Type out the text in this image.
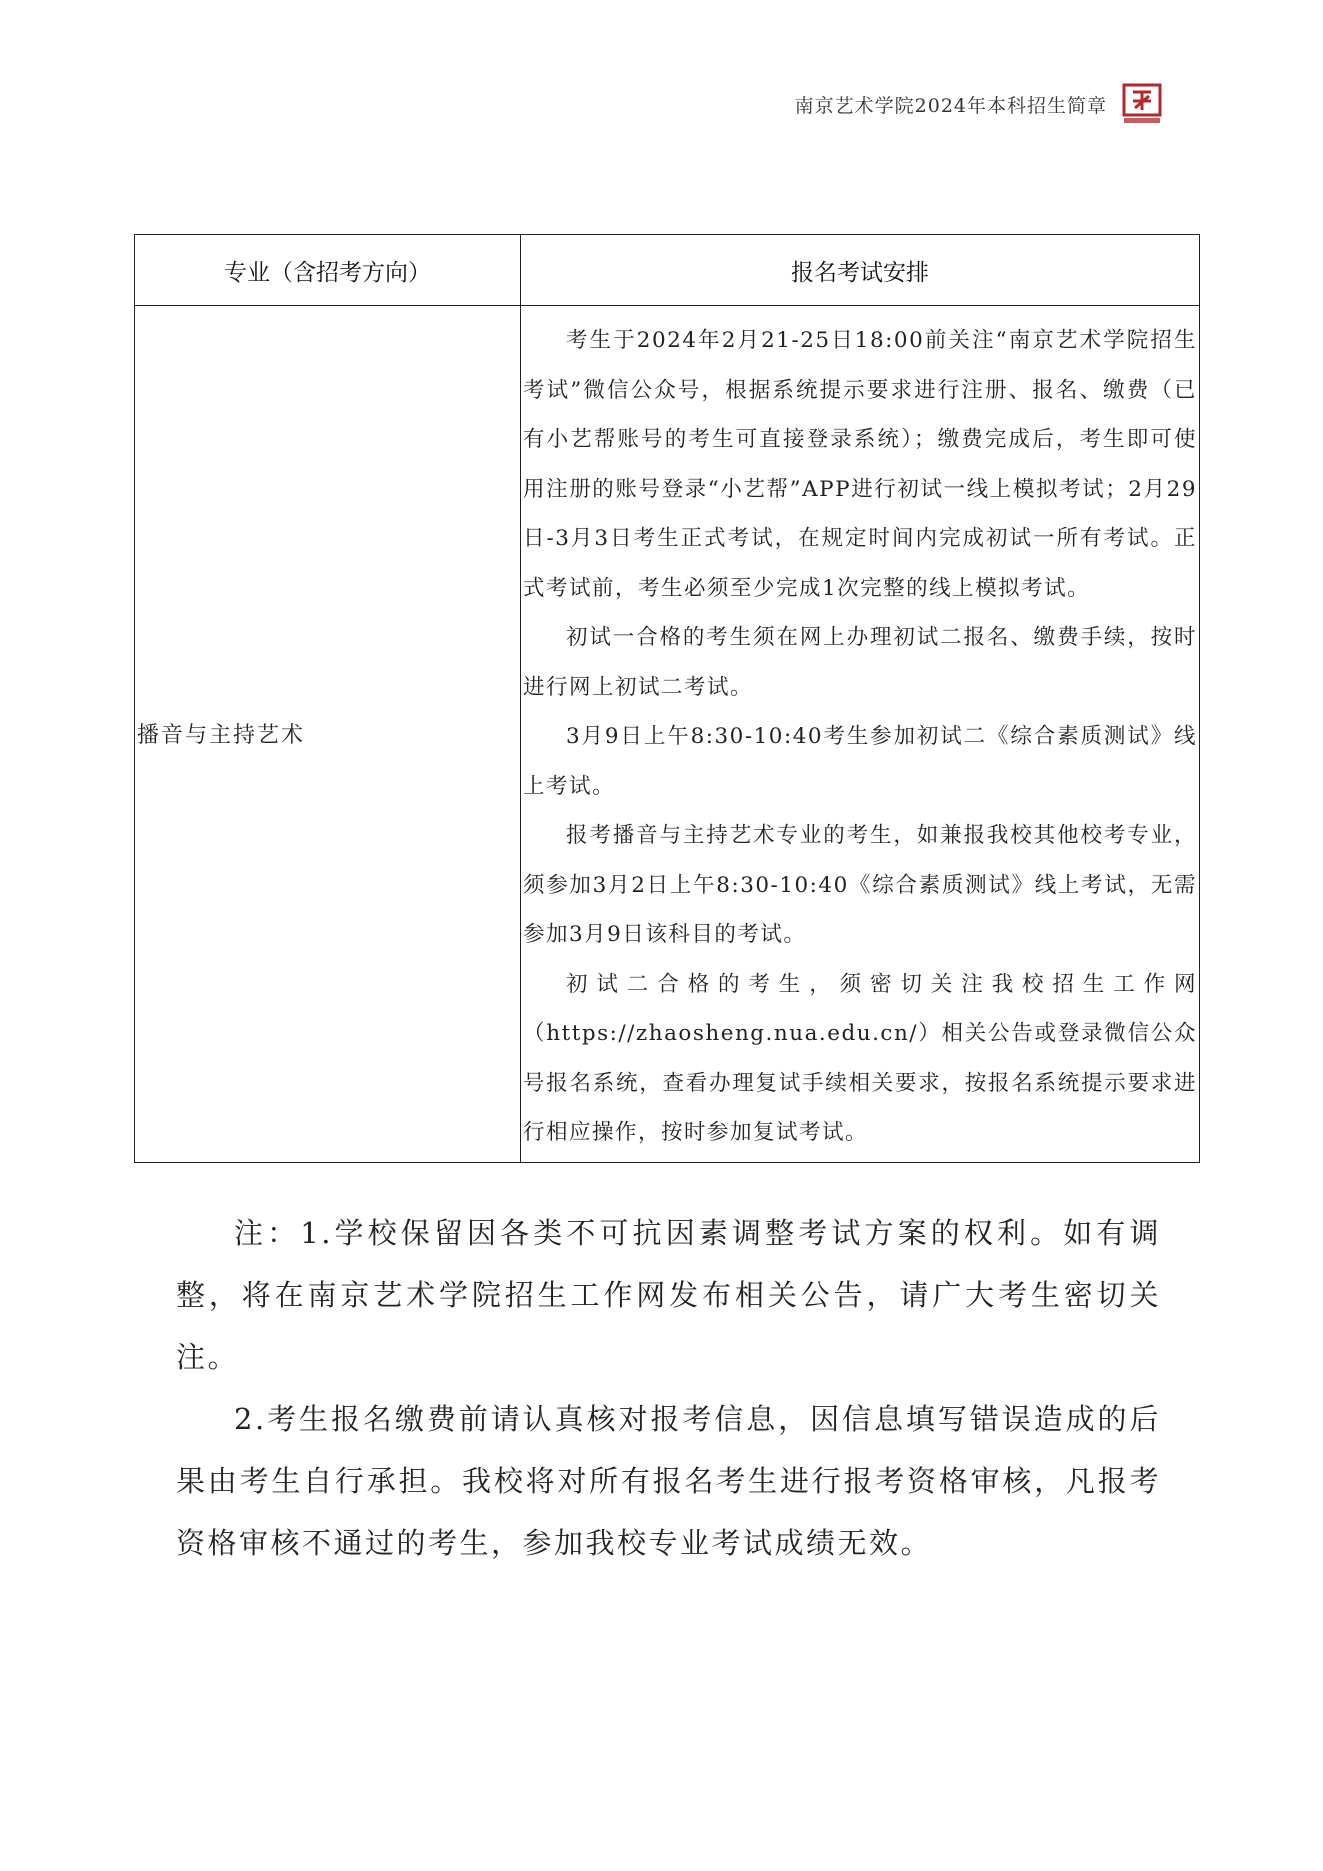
南京艺术学院2024年本科招生简章
专业（含招考方向）	报名考试安排
播音与主持艺术	考生于2024年2月21-25日18:00前关注“南京艺术学院招生考试”微信公众号，根据系统提示要求进行注册、报名、缴费（已有小艺帮账号的考生可直接登录系统）；缴费完成后，考生即可使用注册的账号登录“小艺帮”APP进行初试一线上模拟考试；2月29日-3月3日考生正式考试，在规定时间内完成初试一所有考试。正式考试前，考生必须至少完成1次完整的线上模拟考试。

初试一合格的考生须在网上办理初试二报名、缴费手续，按时进行网上初试二考试。

3月9日上午8:30-10:40考生参加初试二《综合素质测试》线上考试。

报考播音与主持艺术专业的考生，如兼报我校其他校考专业，须参加3月2日上午8:30-10:40《综合素质测试》线上考试，无需参加3月9日该科目的考试。

初试二合格的考生，须密切关注我校招生工作网（https://zhaosheng.nua.edu.cn/）相关公告或登录微信公众号报名系统，查看办理复试手续相关要求，按报名系统提示要求进行相应操作，按时参加复试考试。

注：1.学校保留因各类不可抗因素调整考试方案的权利。如有调整，将在南京艺术学院招生工作网发布相关公告，请广大考生密切关注。

2.考生报名缴费前请认真核对报考信息，因信息填写错误造成的后果由考生自行承担。我校将对所有报名考生进行报考资格审核，凡报考资格审核不通过的考生，参加我校专业考试成绩无效。
